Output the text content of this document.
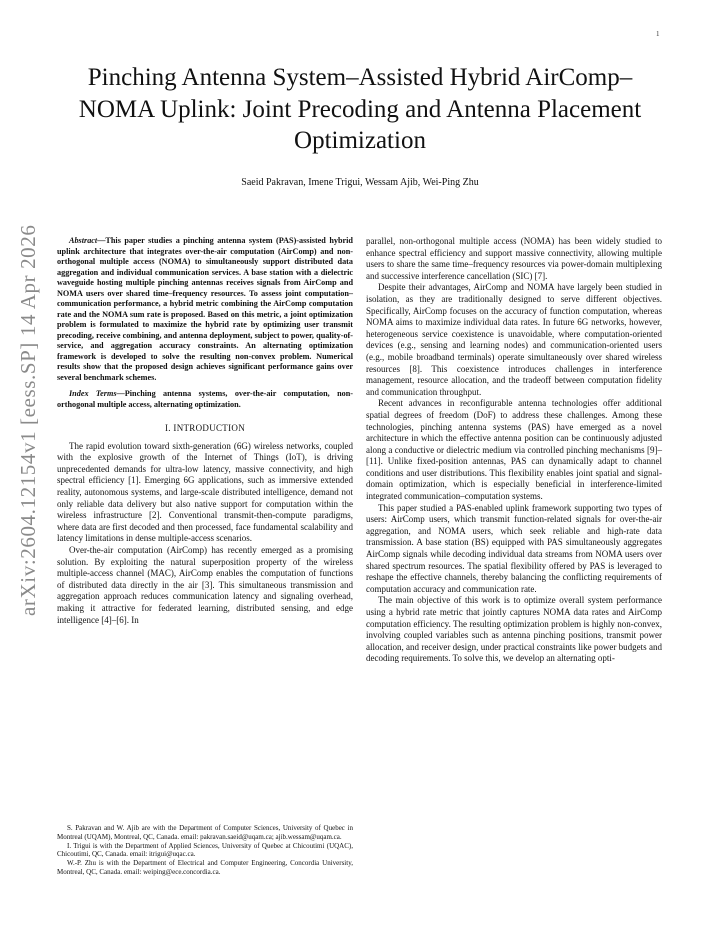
1
arXiv:2604.12154v1 [eess.SP] 14 Apr 2026
Pinching Antenna System–Assisted Hybrid AirComp–NOMA Uplink: Joint Precoding and Antenna Placement Optimization
Saeid Pakravan, Imene Trigui, Wessam Ajib, Wei-Ping Zhu

Abstract—This paper studies a pinching antenna system (PAS)-assisted hybrid uplink architecture that integrates over-the-air computation (AirComp) and non-orthogonal multiple access (NOMA) to simultaneously support distributed data aggregation and individual communication services. A base station with a dielectric waveguide hosting multiple pinching antennas receives signals from AirComp and NOMA users over shared time–frequency resources. To assess joint computation–communication performance, a hybrid metric combining the AirComp computation rate and the NOMA sum rate is proposed. Based on this metric, a joint optimization problem is formulated to maximize the hybrid rate by optimizing user transmit precoding, receive combining, and antenna deployment, subject to power, quality-of-service, and aggregation accuracy constraints. An alternating optimization framework is developed to solve the resulting non-convex problem. Numerical results show that the proposed design achieves significant performance gains over several benchmark schemes.

Index Terms—Pinching antenna systems, over-the-air computation, non-orthogonal multiple access, alternating optimization.

I. INTRODUCTION

The rapid evolution toward sixth-generation (6G) wireless networks, coupled with the explosive growth of the Internet of Things (IoT), is driving unprecedented demands for ultra-low latency, massive connectivity, and high spectral efficiency [1]. Emerging 6G applications, such as immersive extended reality, autonomous systems, and large-scale distributed intelligence, demand not only reliable data delivery but also native support for computation within the wireless infrastructure [2]. Conventional transmit-then-compute paradigms, where data are first decoded and then processed, face fundamental scalability and latency limitations in dense multiple-access scenarios.

Over-the-air computation (AirComp) has recently emerged as a promising solution. By exploiting the natural superposition property of the wireless multiple-access channel (MAC), AirComp enables the computation of functions of distributed data directly in the air [3]. This simultaneous transmission and aggregation approach reduces communication latency and signaling overhead, making it attractive for federated learning, distributed sensing, and edge intelligence [4]–[6]. In

S. Pakravan and W. Ajib are with the Department of Computer Sciences, University of Quebec in Montreal (UQAM), Montreal, QC, Canada. email: pakravan.saeid@uqam.ca; ajib.wessam@uqam.ca.

I. Trigui is with the Department of Applied Sciences, University of Quebec at Chicoutimi (UQAC), Chicoutimi, QC, Canada. email: itrigui@uqac.ca.

W.-P. Zhu is with the Department of Electrical and Computer Engineering, Concordia University, Montreal, QC, Canada. email: weiping@ece.concordia.ca.

parallel, non-orthogonal multiple access (NOMA) has been widely studied to enhance spectral efficiency and support massive connectivity, allowing multiple users to share the same time–frequency resources via power-domain multiplexing and successive interference cancellation (SIC) [7].

Despite their advantages, AirComp and NOMA have largely been studied in isolation, as they are traditionally designed to serve different objectives. Specifically, AirComp focuses on the accuracy of function computation, whereas NOMA aims to maximize individual data rates. In future 6G networks, however, heterogeneous service coexistence is unavoidable, where computation-oriented devices (e.g., sensing and learning nodes) and communication-oriented users (e.g., mobile broadband terminals) operate simultaneously over shared wireless resources [8]. This coexistence introduces challenges in interference management, resource allocation, and the tradeoff between computation fidelity and communication throughput.

Recent advances in reconfigurable antenna technologies offer additional spatial degrees of freedom (DoF) to address these challenges. Among these technologies, pinching antenna systems (PAS) have emerged as a novel architecture in which the effective antenna position can be continuously adjusted along a conductive or dielectric medium via controlled pinching mechanisms [9]–[11]. Unlike fixed-position antennas, PAS can dynamically adapt to channel conditions and user distributions. This flexibility enables joint spatial and signal-domain optimization, which is especially beneficial in interference-limited integrated communication–computation systems.

This paper studied a PAS-enabled uplink framework supporting two types of users: AirComp users, which transmit function-related signals for over-the-air aggregation, and NOMA users, which seek reliable and high-rate data transmission. A base station (BS) equipped with PAS simultaneously aggregates AirComp signals while decoding individual data streams from NOMA users over shared spectrum resources. The spatial flexibility offered by PAS is leveraged to reshape the effective channels, thereby balancing the conflicting requirements of computation accuracy and communication rate.

The main objective of this work is to optimize overall system performance using a hybrid rate metric that jointly captures NOMA data rates and AirComp computation efficiency. The resulting optimization problem is highly non-convex, involving coupled variables such as antenna pinching positions, transmit power allocation, and receiver design, under practical constraints like power budgets and decoding requirements. To solve this, we develop an alternating opti-
